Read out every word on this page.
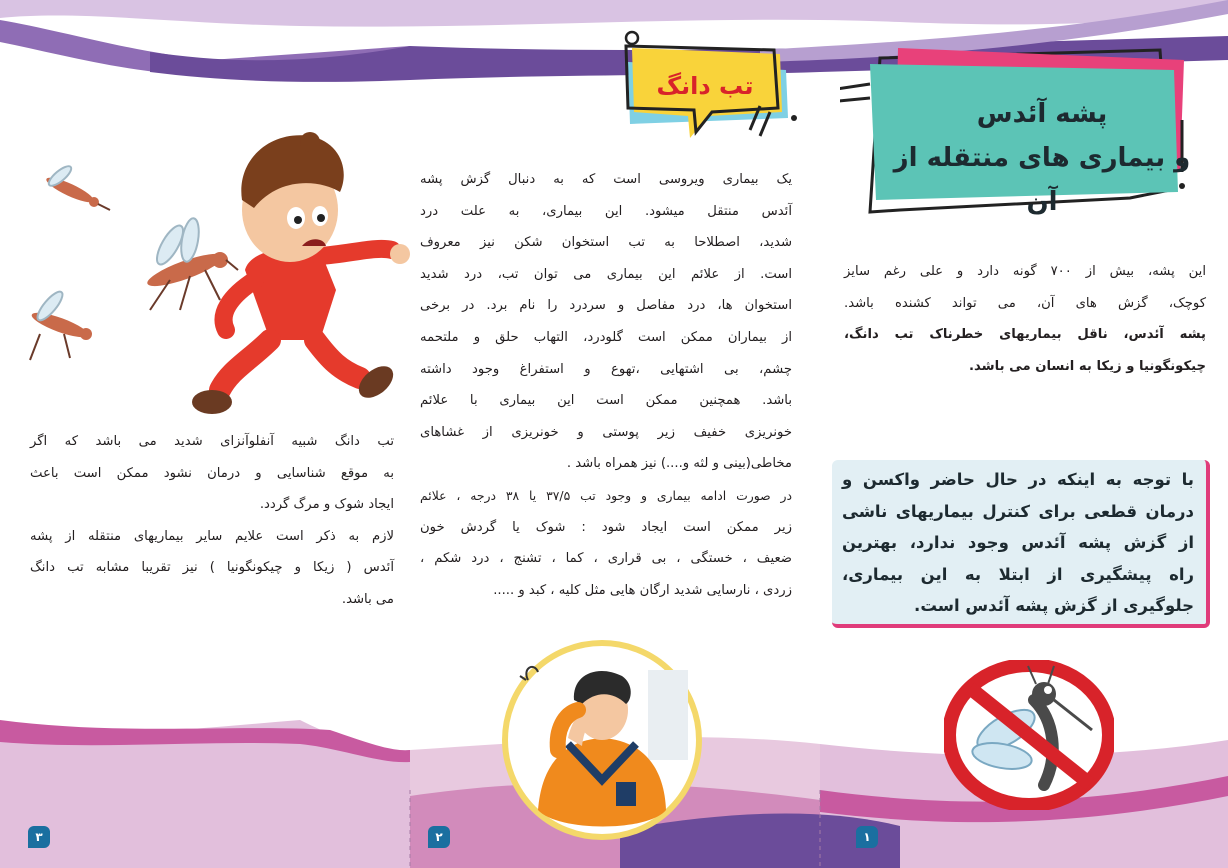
پشه آئدس
و بیماری های منتقله از آن
این پشه، بیش از ۷۰۰ گونه دارد و علی رغم سایز
کوچک، گزش های آن، می تواند کشنده باشد.
پشه آئدس، ناقل بیماریهای خطرناک تب دانگ،
چیکونگونیا و زیکا به انسان می باشد.
با توجه به اینکه در حال حاضر واکسن و
درمان قطعی برای کنترل بیماریهای ناشی
از گزش پشه آئدس وجود ندارد، بهترین
راه پیشگیری از ابتلا به این بیماری،
جلوگیری از گزش پشه آئدس است.
۱
تب دانگ
یک بیماری ویروسی است که به دنبال گزش پشه
آئدس منتقل میشود. این بیماری، به علت درد
شدید، اصطلاحا به تب استخوان شکن نیز معروف
است. از علائم این بیماری می توان تب، درد شدید
استخوان ها، درد مفاصل و سردرد را نام برد. در برخی
از بیماران ممکن است گلودرد، التهاب حلق و ملتحمه
چشم، بی اشتهایی ،تهوع و استفراغ وجود داشته
باشد. همچنین ممکن است این بیماری با علائم
خونریزی خفیف زیر پوستی و خونریزی از غشاهای
مخاطی(بینی و لثه و....) نیز همراه باشد .
در صورت ادامه بیماری و وجود تب ۳۷/۵ یا ۳۸ درجه ، علائم
زیر ممکن است ایجاد شود : شوک یا گردش خون
ضعیف ، خستگی ، بی قراری ، کما ، تشنج ، درد شکم ،
زردی ، نارسایی شدید ارگان هایی مثل کلیه ، کبد و .....
۲
تب دانگ شبیه آنفلوآنزای شدید می باشد که اگر
به موقع شناسایی و درمان نشود ممکن است باعث
ایجاد شوک و مرگ گردد.
لازم به ذکر است علایم سایر بیماریهای منتقله از پشه
آئدس ( زیکا و چیکونگونیا ) نیز تقریبا مشابه تب دانگ
می باشد.
۳
